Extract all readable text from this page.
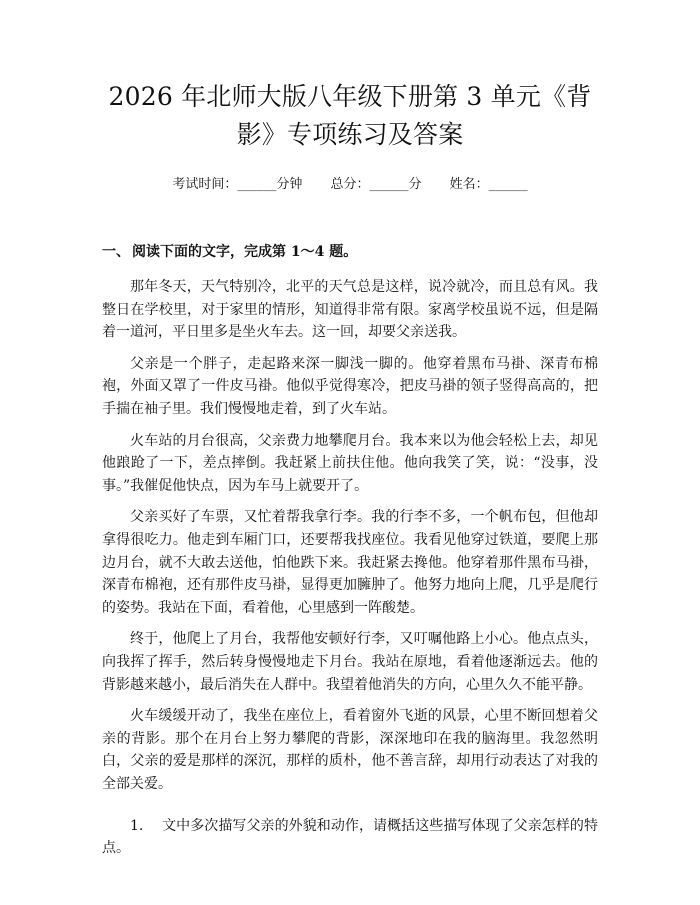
2026 年北师大版八年级下册第 3 单元《背影》专项练习及答案
考试时间：______分钟 总分：______分 姓名：______
一、 阅读下面的文字，完成第 1～4 题。

那年冬天，天气特别冷，北平的天气总是这样，说冷就冷，而且总有风。我整日在学校里，对于家里的情形，知道得非常有限。家离学校虽说不远，但是隔着一道河，平日里多是坐火车去。这一回，却要父亲送我。

父亲是一个胖子，走起路来深一脚浅一脚的。他穿着黑布马褂、深青布棉袍，外面又罩了一件皮马褂。他似乎觉得寒冷，把皮马褂的领子竖得高高的，把手揣在袖子里。我们慢慢地走着，到了火车站。

火车站的月台很高，父亲费力地攀爬月台。我本来以为他会轻松上去，却见他踉跄了一下，差点摔倒。我赶紧上前扶住他。他向我笑了笑，说：“没事，没事。”我催促他快点，因为车马上就要开了。

父亲买好了车票，又忙着帮我拿行李。我的行李不多，一个帆布包，但他却拿得很吃力。他走到车厢门口，还要帮我找座位。我看见他穿过铁道，要爬上那边月台，就不大敢去送他，怕他跌下来。我赶紧去搀他。他穿着那件黑布马褂，深青布棉袍，还有那件皮马褂，显得更加臃肿了。他努力地向上爬，几乎是爬行的姿势。我站在下面，看着他，心里感到一阵酸楚。

终于，他爬上了月台，我帮他安顿好行李，又叮嘱他路上小心。他点点头，向我挥了挥手，然后转身慢慢地走下月台。我站在原地，看着他逐渐远去。他的背影越来越小，最后消失在人群中。我望着他消失的方向，心里久久不能平静。

火车缓缓开动了，我坐在座位上，看着窗外飞逝的风景，心里不断回想着父亲的背影。那个在月台上努力攀爬的背影，深深地印在我的脑海里。我忽然明白，父亲的爱是那样的深沉，那样的质朴，他不善言辞，却用行动表达了对我的全部关爱。

1. 文中多次描写父亲的外貌和动作，请概括这些描写体现了父亲怎样的特点。
